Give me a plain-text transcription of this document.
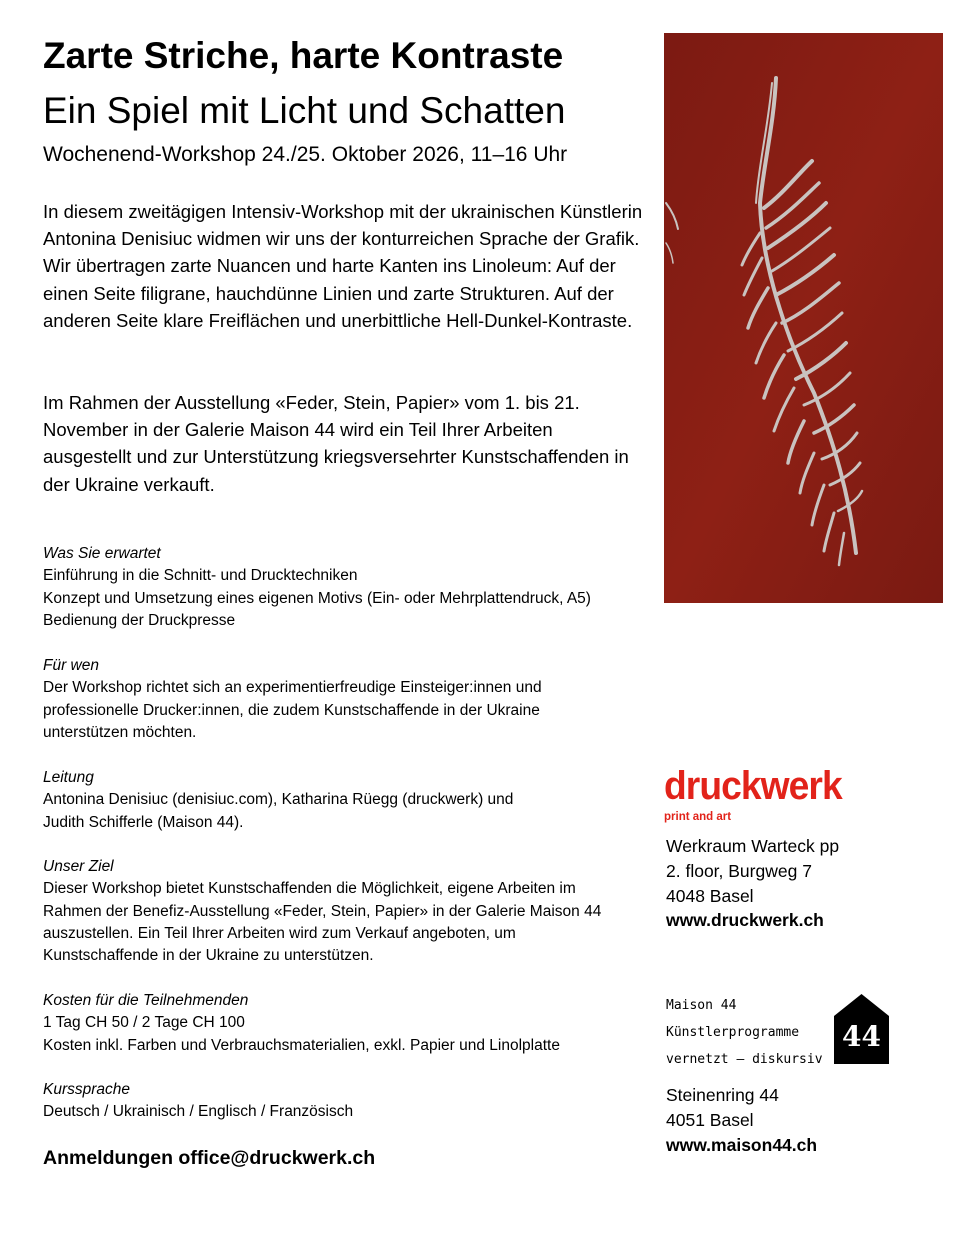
Zarte Striche, harte Kontraste
Ein Spiel mit Licht und Schatten
Wochenend-Workshop 24./25. Oktober 2026, 11–16 Uhr

In diesem zweitägigen Intensiv-Workshop mit der ukrainischen Künstlerin Antonina Denisiuc widmen wir uns der konturreichen Sprache der Grafik. Wir übertragen zarte Nuancen und harte Kanten ins Linoleum: Auf der einen Seite filigrane, hauchdünne Linien und zarte Strukturen. Auf der anderen Seite klare Freiflächen und unerbittliche Hell-Dunkel-Kontraste.

Im Rahmen der Ausstellung «Feder, Stein, Papier» vom 1. bis 21. November in der Galerie Maison 44 wird ein Teil Ihrer Arbeiten ausgestellt und zur Unterstützung kriegsversehrter Kunstschaffenden in der Ukraine verkauft.

Was Sie erwartet
Einführung in die Schnitt- und Drucktechniken
Konzept und Umsetzung eines eigenen Motivs (Ein- oder Mehrplattendruck, A5)
Bedienung der Druckpresse
Für wen
Der Workshop richtet sich an experimentierfreudige Einsteiger:innen und professionelle Drucker:innen, die zudem Kunstschaffende in der Ukraine unterstützen möchten.
Leitung
Antonina Denisiuc (denisiuc.com), Katharina Rüegg (druckwerk) und
Judith Schifferle (Maison 44).
Unser Ziel
Dieser Workshop bietet Kunstschaffenden die Möglichkeit, eigene Arbeiten im Rahmen der Benefiz-Ausstellung «Feder, Stein, Papier» in der Galerie Maison 44 auszustellen. Ein Teil Ihrer Arbeiten wird zum Verkauf angeboten, um Kunstschaffende in der Ukraine zu unterstützen.
Kosten für die Teilnehmenden
1 Tag CH 50 / 2 Tage CH 100
Kosten inkl. Farben und Verbrauchsmaterialien, exkl. Papier und Linolplatte
Kurssprache
Deutsch / Ukrainisch / Englisch / Französisch
Anmeldungen office@druckwerk.ch
druckwerk
print and art
Werkraum Warteck pp
2. floor, Burgweg 7
4048 Basel
www.druckwerk.ch
Maison 44
Künstlerprogramme
vernetzt – diskursiv
44
Steinenring 44
4051 Basel
www.maison44.ch
